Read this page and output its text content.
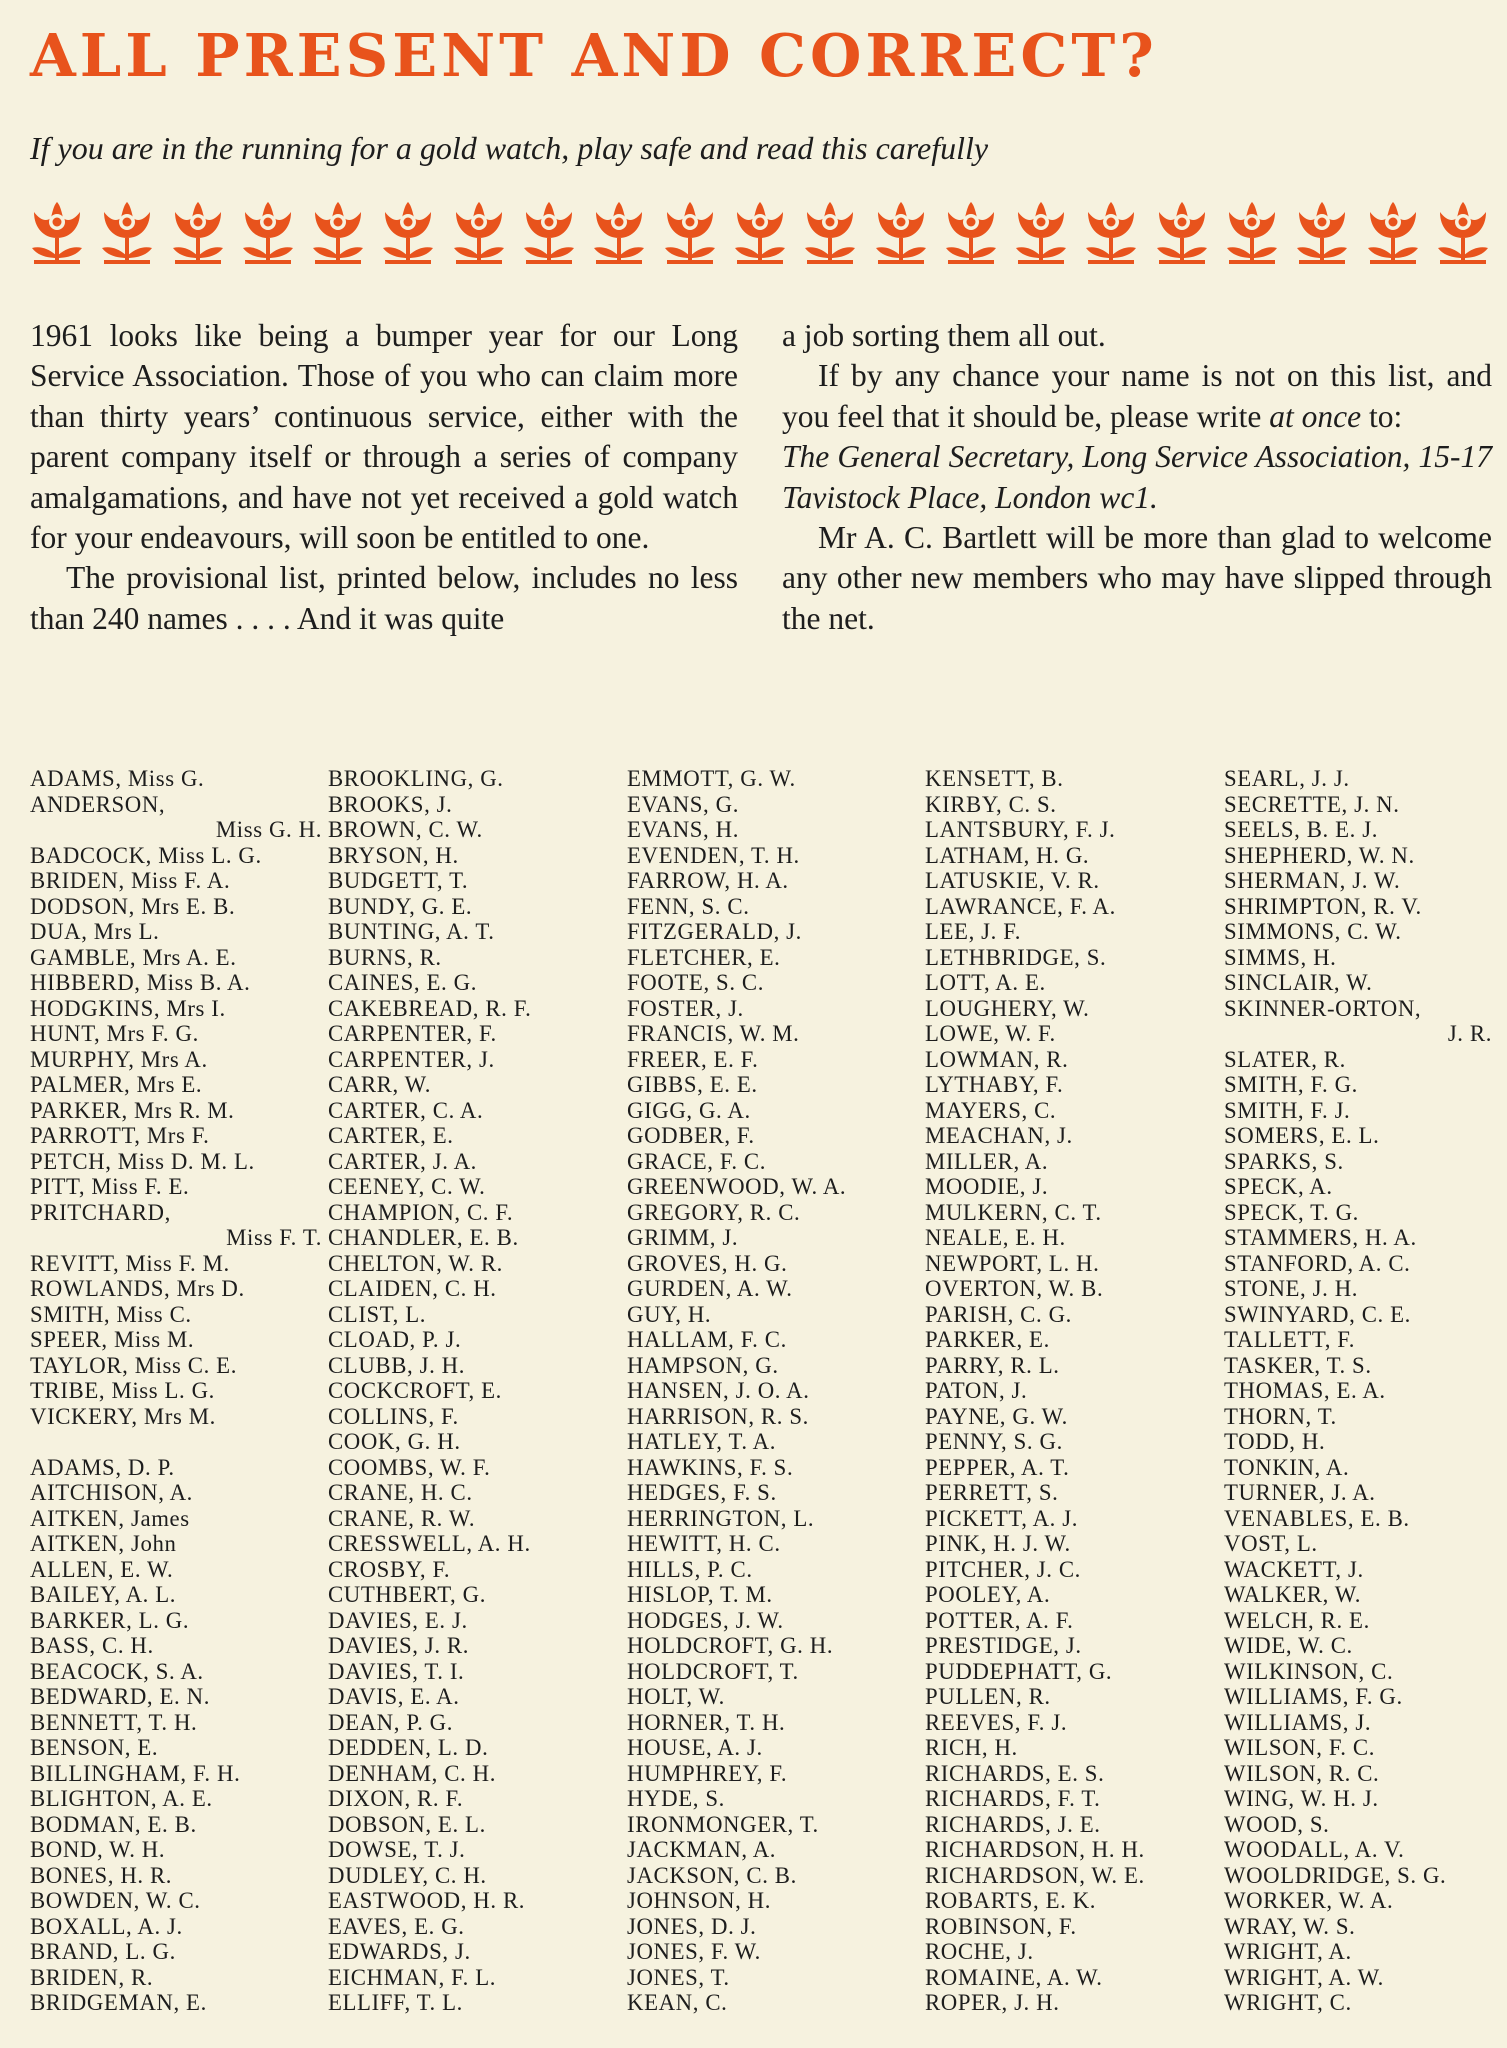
ALL PRESENT AND CORRECT?
If you are in the running for a gold watch, play safe and read this carefully

1961 looks like being a bumper year for our Long Service Association. Those of you who can claim more than thirty years’ continuous service, either with the parent company itself or through a series of company amalgamations, and have not yet received a gold watch for your endeavours, will soon be entitled to one.

The provisional list, printed below, includes no less than 240 names . . . . And it was quite

a job sorting them all out.

If by any chance your name is not on this list, and you feel that it should be, please write at once to:

The General Secretary, Long Service Association, 15-17 Tavistock Place, London wc1.

Mr A. C. Bartlett will be more than glad to welcome any other new members who may have slipped through the net.

ADAMS, Miss G.
ANDERSON,
Miss G. H.
BADCOCK, Miss L. G.
BRIDEN, Miss F. A.
DODSON, Mrs E. B.
DUA, Mrs L.
GAMBLE, Mrs A. E.
HIBBERD, Miss B. A.
HODGKINS, Mrs I.
HUNT, Mrs F. G.
MURPHY, Mrs A.
PALMER, Mrs E.
PARKER, Mrs R. M.
PARROTT, Mrs F.
PETCH, Miss D. M. L.
PITT, Miss F. E.
PRITCHARD,
Miss F. T.
REVITT, Miss F. M.
ROWLANDS, Mrs D.
SMITH, Miss C.
SPEER, Miss M.
TAYLOR, Miss C. E.
TRIBE, Miss L. G.
VICKERY, Mrs M.
ADAMS, D. P.
AITCHISON, A.
AITKEN, James
AITKEN, John
ALLEN, E. W.
BAILEY, A. L.
BARKER, L. G.
BASS, C. H.
BEACOCK, S. A.
BEDWARD, E. N.
BENNETT, T. H.
BENSON, E.
BILLINGHAM, F. H.
BLIGHTON, A. E.
BODMAN, E. B.
BOND, W. H.
BONES, H. R.
BOWDEN, W. C.
BOXALL, A. J.
BRAND, L. G.
BRIDEN, R.
BRIDGEMAN, E.
BROOKLING, G.
BROOKS, J.
BROWN, C. W.
BRYSON, H.
BUDGETT, T.
BUNDY, G. E.
BUNTING, A. T.
BURNS, R.
CAINES, E. G.
CAKEBREAD, R. F.
CARPENTER, F.
CARPENTER, J.
CARR, W.
CARTER, C. A.
CARTER, E.
CARTER, J. A.
CEENEY, C. W.
CHAMPION, C. F.
CHANDLER, E. B.
CHELTON, W. R.
CLAIDEN, C. H.
CLIST, L.
CLOAD, P. J.
CLUBB, J. H.
COCKCROFT, E.
COLLINS, F.
COOK, G. H.
COOMBS, W. F.
CRANE, H. C.
CRANE, R. W.
CRESSWELL, A. H.
CROSBY, F.
CUTHBERT, G.
DAVIES, E. J.
DAVIES, J. R.
DAVIES, T. I.
DAVIS, E. A.
DEAN, P. G.
DEDDEN, L. D.
DENHAM, C. H.
DIXON, R. F.
DOBSON, E. L.
DOWSE, T. J.
DUDLEY, C. H.
EASTWOOD, H. R.
EAVES, E. G.
EDWARDS, J.
EICHMAN, F. L.
ELLIFF, T. L.
EMMOTT, G. W.
EVANS, G.
EVANS, H.
EVENDEN, T. H.
FARROW, H. A.
FENN, S. C.
FITZGERALD, J.
FLETCHER, E.
FOOTE, S. C.
FOSTER, J.
FRANCIS, W. M.
FREER, E. F.
GIBBS, E. E.
GIGG, G. A.
GODBER, F.
GRACE, F. C.
GREENWOOD, W. A.
GREGORY, R. C.
GRIMM, J.
GROVES, H. G.
GURDEN, A. W.
GUY, H.
HALLAM, F. C.
HAMPSON, G.
HANSEN, J. O. A.
HARRISON, R. S.
HATLEY, T. A.
HAWKINS, F. S.
HEDGES, F. S.
HERRINGTON, L.
HEWITT, H. C.
HILLS, P. C.
HISLOP, T. M.
HODGES, J. W.
HOLDCROFT, G. H.
HOLDCROFT, T.
HOLT, W.
HORNER, T. H.
HOUSE, A. J.
HUMPHREY, F.
HYDE, S.
IRONMONGER, T.
JACKMAN, A.
JACKSON, C. B.
JOHNSON, H.
JONES, D. J.
JONES, F. W.
JONES, T.
KEAN, C.
KENSETT, B.
KIRBY, C. S.
LANTSBURY, F. J.
LATHAM, H. G.
LATUSKIE, V. R.
LAWRANCE, F. A.
LEE, J. F.
LETHBRIDGE, S.
LOTT, A. E.
LOUGHERY, W.
LOWE, W. F.
LOWMAN, R.
LYTHABY, F.
MAYERS, C.
MEACHAN, J.
MILLER, A.
MOODIE, J.
MULKERN, C. T.
NEALE, E. H.
NEWPORT, L. H.
OVERTON, W. B.
PARISH, C. G.
PARKER, E.
PARRY, R. L.
PATON, J.
PAYNE, G. W.
PENNY, S. G.
PEPPER, A. T.
PERRETT, S.
PICKETT, A. J.
PINK, H. J. W.
PITCHER, J. C.
POOLEY, A.
POTTER, A. F.
PRESTIDGE, J.
PUDDEPHATT, G.
PULLEN, R.
REEVES, F. J.
RICH, H.
RICHARDS, E. S.
RICHARDS, F. T.
RICHARDS, J. E.
RICHARDSON, H. H.
RICHARDSON, W. E.
ROBARTS, E. K.
ROBINSON, F.
ROCHE, J.
ROMAINE, A. W.
ROPER, J. H.
SEARL, J. J.
SECRETTE, J. N.
SEELS, B. E. J.
SHEPHERD, W. N.
SHERMAN, J. W.
SHRIMPTON, R. V.
SIMMONS, C. W.
SIMMS, H.
SINCLAIR, W.
SKINNER-ORTON,
J. R.
SLATER, R.
SMITH, F. G.
SMITH, F. J.
SOMERS, E. L.
SPARKS, S.
SPECK, A.
SPECK, T. G.
STAMMERS, H. A.
STANFORD, A. C.
STONE, J. H.
SWINYARD, C. E.
TALLETT, F.
TASKER, T. S.
THOMAS, E. A.
THORN, T.
TODD, H.
TONKIN, A.
TURNER, J. A.
VENABLES, E. B.
VOST, L.
WACKETT, J.
WALKER, W.
WELCH, R. E.
WIDE, W. C.
WILKINSON, C.
WILLIAMS, F. G.
WILLIAMS, J.
WILSON, F. C.
WILSON, R. C.
WING, W. H. J.
WOOD, S.
WOODALL, A. V.
WOOLDRIDGE, S. G.
WORKER, W. A.
WRAY, W. S.
WRIGHT, A.
WRIGHT, A. W.
WRIGHT, C.
